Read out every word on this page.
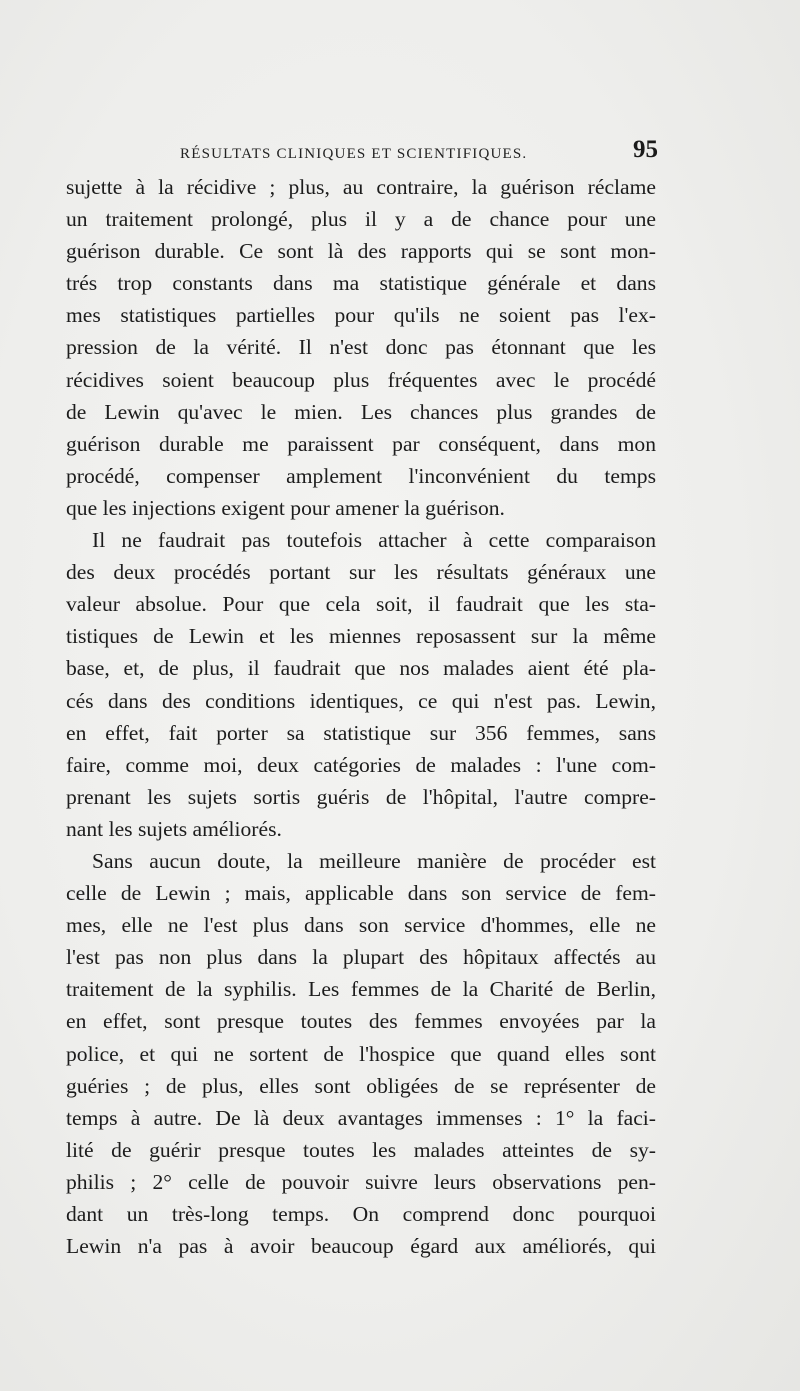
RÉSULTATS CLINIQUES ET SCIENTIFIQUES.	95
sujette à la récidive ; plus, au contraire, la guérison réclame
un traitement prolongé, plus il y a de chance pour une
guérison durable. Ce sont là des rapports qui se sont mon-
trés trop constants dans ma statistique générale et dans
mes statistiques partielles pour qu'ils ne soient pas l'ex-
pression de la vérité. Il n'est donc pas étonnant que les
récidives soient beaucoup plus fréquentes avec le procédé
de Lewin qu'avec le mien. Les chances plus grandes de
guérison durable me paraissent par conséquent, dans mon
procédé, compenser amplement l'inconvénient du temps
que les injections exigent pour amener la guérison.
Il ne faudrait pas toutefois attacher à cette comparaison
des deux procédés portant sur les résultats généraux une
valeur absolue. Pour que cela soit, il faudrait que les sta-
tistiques de Lewin et les miennes reposassent sur la même
base, et, de plus, il faudrait que nos malades aient été pla-
cés dans des conditions identiques, ce qui n'est pas. Lewin,
en effet, fait porter sa statistique sur 356 femmes, sans
faire, comme moi, deux catégories de malades : l'une com-
prenant les sujets sortis guéris de l'hôpital, l'autre compre-
nant les sujets améliorés.
Sans aucun doute, la meilleure manière de procéder est
celle de Lewin ; mais, applicable dans son service de fem-
mes, elle ne l'est plus dans son service d'hommes, elle ne
l'est pas non plus dans la plupart des hôpitaux affectés au
traitement de la syphilis. Les femmes de la Charité de Berlin,
en effet, sont presque toutes des femmes envoyées par la
police, et qui ne sortent de l'hospice que quand elles sont
guéries ; de plus, elles sont obligées de se représenter de
temps à autre. De là deux avantages immenses : 1° la faci-
lité de guérir presque toutes les malades atteintes de sy-
philis ; 2° celle de pouvoir suivre leurs observations pen-
dant un très-long temps. On comprend donc pourquoi
Lewin n'a pas à avoir beaucoup égard aux améliorés, qui
